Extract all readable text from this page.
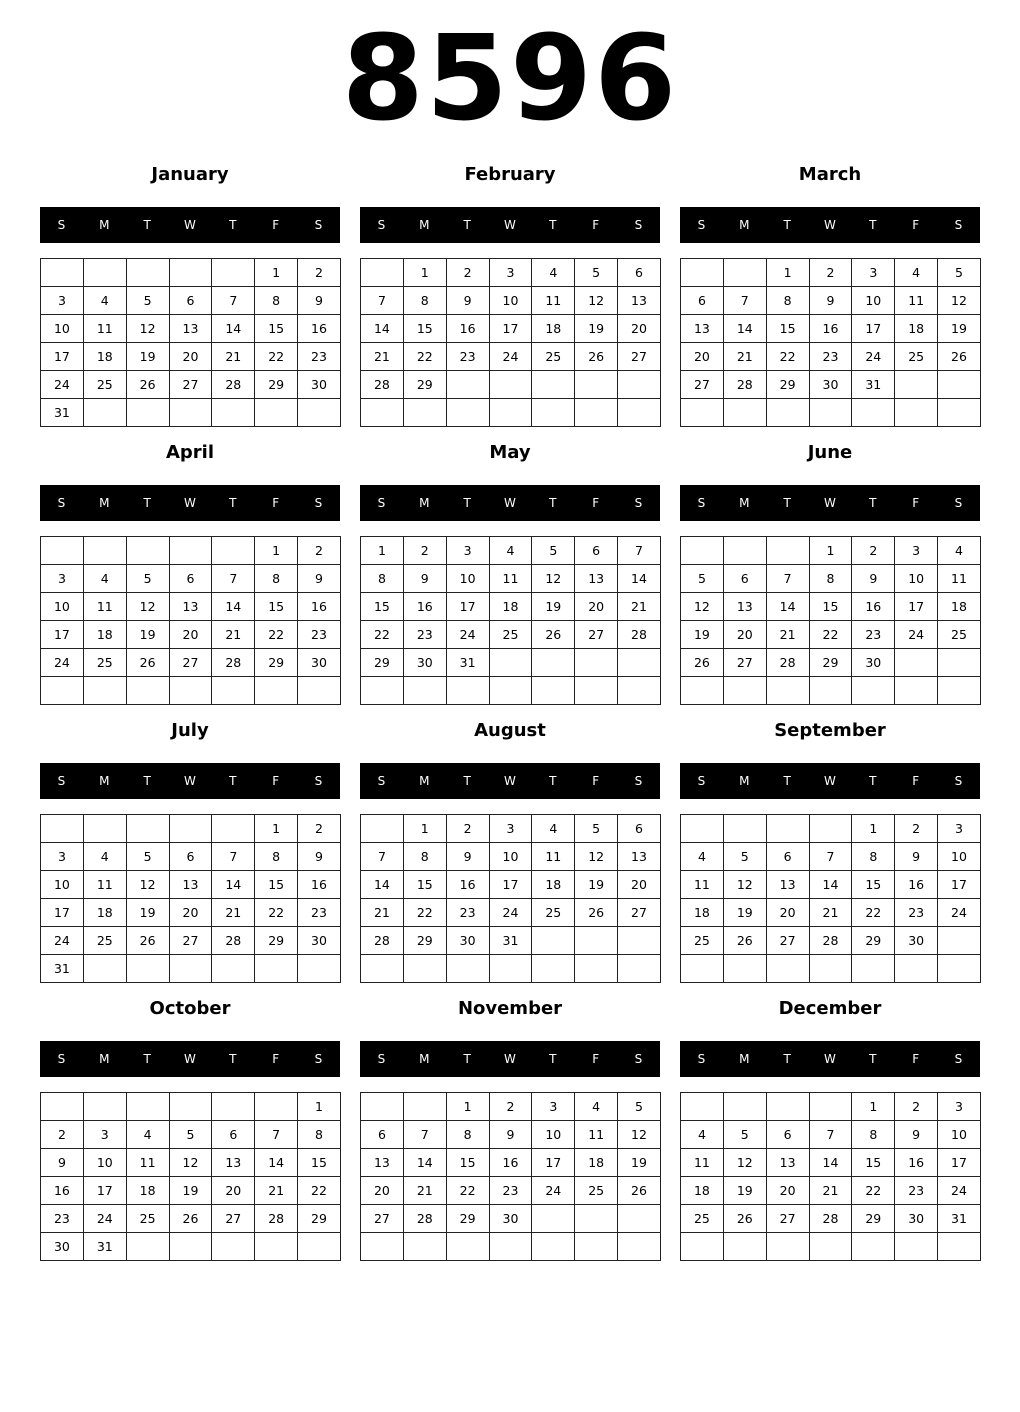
8596
January
S	M	T	W	T	F	S
					1	2
3	4	5	6	7	8	9
10	11	12	13	14	15	16
17	18	19	20	21	22	23
24	25	26	27	28	29	30
31						
February
S	M	T	W	T	F	S
	1	2	3	4	5	6
7	8	9	10	11	12	13
14	15	16	17	18	19	20
21	22	23	24	25	26	27
28	29					

March
S	M	T	W	T	F	S
		1	2	3	4	5
6	7	8	9	10	11	12
13	14	15	16	17	18	19
20	21	22	23	24	25	26
27	28	29	30	31		

April
S	M	T	W	T	F	S
					1	2
3	4	5	6	7	8	9
10	11	12	13	14	15	16
17	18	19	20	21	22	23
24	25	26	27	28	29	30

May
S	M	T	W	T	F	S
1	2	3	4	5	6	7
8	9	10	11	12	13	14
15	16	17	18	19	20	21
22	23	24	25	26	27	28
29	30	31				

June
S	M	T	W	T	F	S
			1	2	3	4
5	6	7	8	9	10	11
12	13	14	15	16	17	18
19	20	21	22	23	24	25
26	27	28	29	30		

July
S	M	T	W	T	F	S
					1	2
3	4	5	6	7	8	9
10	11	12	13	14	15	16
17	18	19	20	21	22	23
24	25	26	27	28	29	30
31						
August
S	M	T	W	T	F	S
	1	2	3	4	5	6
7	8	9	10	11	12	13
14	15	16	17	18	19	20
21	22	23	24	25	26	27
28	29	30	31			

September
S	M	T	W	T	F	S
				1	2	3
4	5	6	7	8	9	10
11	12	13	14	15	16	17
18	19	20	21	22	23	24
25	26	27	28	29	30	

October
S	M	T	W	T	F	S
						1
2	3	4	5	6	7	8
9	10	11	12	13	14	15
16	17	18	19	20	21	22
23	24	25	26	27	28	29
30	31					
November
S	M	T	W	T	F	S
		1	2	3	4	5
6	7	8	9	10	11	12
13	14	15	16	17	18	19
20	21	22	23	24	25	26
27	28	29	30			

December
S	M	T	W	T	F	S
				1	2	3
4	5	6	7	8	9	10
11	12	13	14	15	16	17
18	19	20	21	22	23	24
25	26	27	28	29	30	31
